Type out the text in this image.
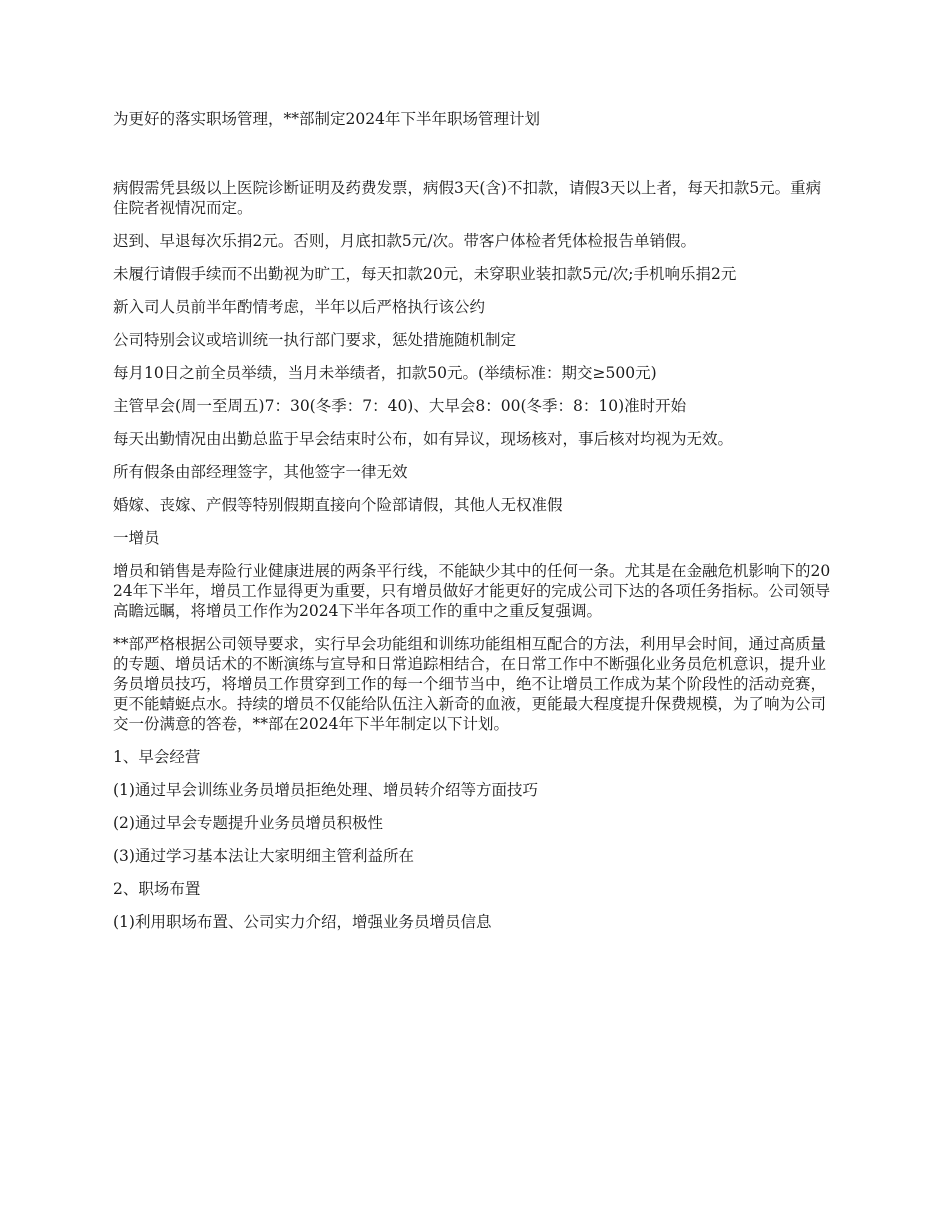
为更好的落实职场管理，**部制定2024年下半年职场管理计划

病假需凭县级以上医院诊断证明及药费发票，病假3天(含)不扣款，请假3天以上者，每天扣款5元。重病住院者视情况而定。

迟到、早退每次乐捐2元。否则，月底扣款5元/次。带客户体检者凭体检报告单销假。

未履行请假手续而不出勤视为旷工，每天扣款20元，未穿职业装扣款5元/次;手机响乐捐2元

新入司人员前半年酌情考虑，半年以后严格执行该公约

公司特别会议或培训统一执行部门要求，惩处措施随机制定

每月10日之前全员举绩，当月未举绩者，扣款50元。(举绩标准：期交≥500元)

主管早会(周一至周五)7：30(冬季：7：40)、大早会8：00(冬季：8：10)准时开始

每天出勤情况由出勤总监于早会结束时公布，如有异议，现场核对，事后核对均视为无效。

所有假条由部经理签字，其他签字一律无效

婚嫁、丧嫁、产假等特别假期直接向个险部请假，其他人无权准假

一增员

增员和销售是寿险行业健康进展的两条平行线，不能缺少其中的任何一条。尤其是在金融危机影响下的2024年下半年，增员工作显得更为重要，只有增员做好才能更好的完成公司下达的各项任务指标。公司领导高瞻远瞩，将增员工作作为2024下半年各项工作的重中之重反复强调。

**部严格根据公司领导要求，实行早会功能组和训练功能组相互配合的方法，利用早会时间，通过高质量的专题、增员话术的不断演练与宣导和日常追踪相结合，在日常工作中不断强化业务员危机意识，提升业务员增员技巧，将增员工作贯穿到工作的每一个细节当中，绝不让增员工作成为某个阶段性的活动竞赛，更不能蜻蜓点水。持续的增员不仅能给队伍注入新奇的血液，更能最大程度提升保费规模，为了响为公司交一份满意的答卷，**部在2024年下半年制定以下计划。

1、早会经营

(1)通过早会训练业务员增员拒绝处理、增员转介绍等方面技巧

(2)通过早会专题提升业务员增员积极性

(3)通过学习基本法让大家明细主管利益所在

2、职场布置

(1)利用职场布置、公司实力介绍，增强业务员增员信息
